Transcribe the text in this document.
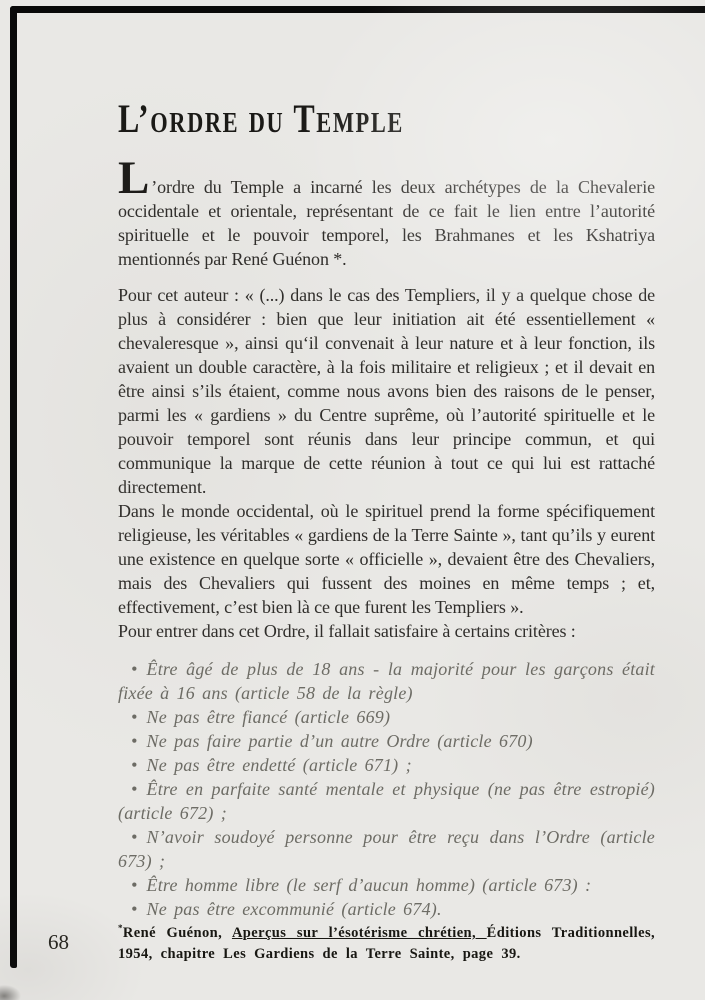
L’ordre du Temple

L ’ordre du Temple a incarné les deux archétypes de la Chevalerie occidentale et orientale, représentant de ce fait le lien entre l’autorité spirituelle et le pouvoir temporel, les Brahmanes et les Kshatriya mentionnés par René Guénon *.

Pour cet auteur : « (...) dans le cas des Templiers, il y a quelque chose de plus à considérer : bien que leur initiation ait été essentiellement « chevaleresque », ainsi qu‘il convenait à leur nature et à leur fonction, ils avaient un double caractère, à la fois militaire et religieux ; et il devait en être ainsi s’ils étaient, comme nous avons bien des raisons de le penser, parmi les « gardiens » du Centre suprême, où l’autorité spirituelle et le pouvoir temporel sont réunis dans leur principe commun, et qui communique la marque de cette réunion à tout ce qui lui est rattaché directement.

Dans le monde occidental, où le spirituel prend la forme spécifiquement religieuse, les véritables « gardiens de la Terre Sainte », tant qu’ils y eurent une existence en quelque sorte « officielle », devaient être des Chevaliers, mais des Chevaliers qui fussent des moines en même temps ; et, effectivement, c’est bien là ce que furent les Templiers ».

Pour entrer dans cet Ordre, il fallait satisfaire à certains critères :

• Être âgé de plus de 18 ans - la majorité pour les garçons était fixée à 16 ans (article 58 de la règle)

• Ne pas être fiancé (article 669)

• Ne pas faire partie d’un autre Ordre (article 670)

• Ne pas être endetté (article 671) ;

• Être en parfaite santé mentale et physique (ne pas être estropié) (article 672) ;

• N’avoir soudoyé personne pour être reçu dans l’Ordre (article 673) ;

• Être homme libre (le serf d’aucun homme) (article 673) :

• Ne pas être excommunié (article 674).

*René Guénon, Aperçus sur l’ésotérisme chrétien, Éditions Traditionnelles, 1954, chapitre Les Gardiens de la Terre Sainte, page 39.

68
